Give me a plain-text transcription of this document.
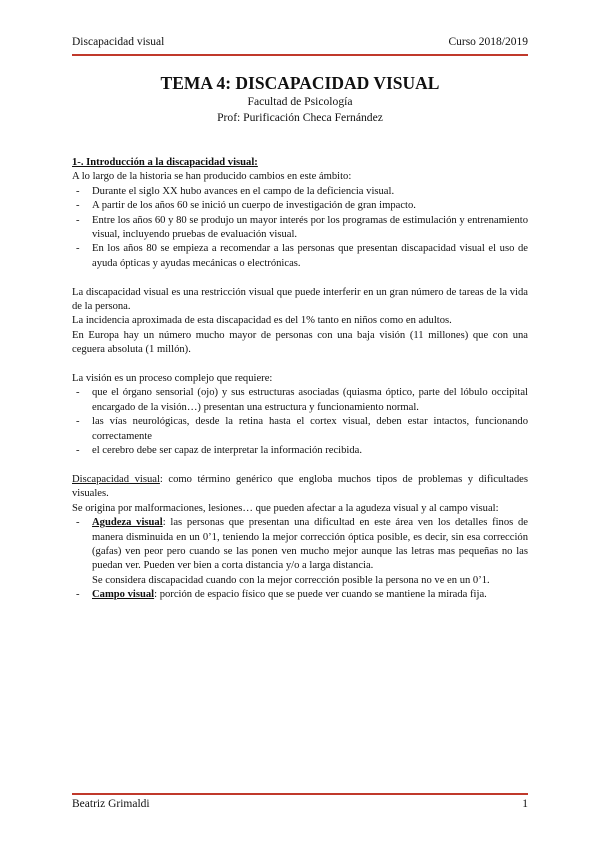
Discapacidad visual	Curso 2018/2019
TEMA 4: DISCAPACIDAD VISUAL
Facultad de Psicología
Prof: Purificación Checa Fernández
1-. Introducción a la discapacidad visual:

A lo largo de la historia se han producido cambios en este ámbito:

- Durante el siglo XX hubo avances en el campo de la deficiencia visual.
- A partir de los años 60 se inició un cuerpo de investigación de gran impacto.
- Entre los años 60 y 80 se produjo un mayor interés por los programas de estimulación y entrenamiento visual, incluyendo pruebas de evaluación visual.
- En los años 80 se empieza a recomendar a las personas que presentan discapacidad visual el uso de ayuda ópticas y ayudas mecánicas o electrónicas.

La discapacidad visual es una restricción visual que puede interferir en un gran número de tareas de la vida de la persona.

La incidencia aproximada de esta discapacidad es del 1% tanto en niños como en adultos.

En Europa hay un número mucho mayor de personas con una baja visión (11 millones) que con una ceguera absoluta (1 millón).

La visión es un proceso complejo que requiere:

- que el órgano sensorial (ojo) y sus estructuras asociadas (quiasma óptico, parte del lóbulo occipital encargado de la visión…) presentan una estructura y funcionamiento normal.
- las vías neurológicas, desde la retina hasta el cortex visual, deben estar intactos, funcionando correctamente
- el cerebro debe ser capaz de interpretar la información recibida.

Discapacidad visual: como término genérico que engloba muchos tipos de problemas y dificultades visuales.

Se origina por malformaciones, lesiones… que pueden afectar a la agudeza visual y al campo visual:

- Agudeza visual: las personas que presentan una dificultad en este área ven los detalles finos de manera disminuida en un 0’1, teniendo la mejor corrección óptica posible, es decir, sin esa corrección (gafas) ven peor pero cuando se las ponen ven mucho mejor aunque las letras mas pequeñas no las puedan ver. Pueden ver bien a corta distancia y/o a larga distancia.

Se considera discapacidad cuando con la mejor corrección posible la persona no ve en un 0’1.

- Campo visual: porción de espacio físico que se puede ver cuando se mantiene la mirada fija.
Beatriz Grimaldi	1
